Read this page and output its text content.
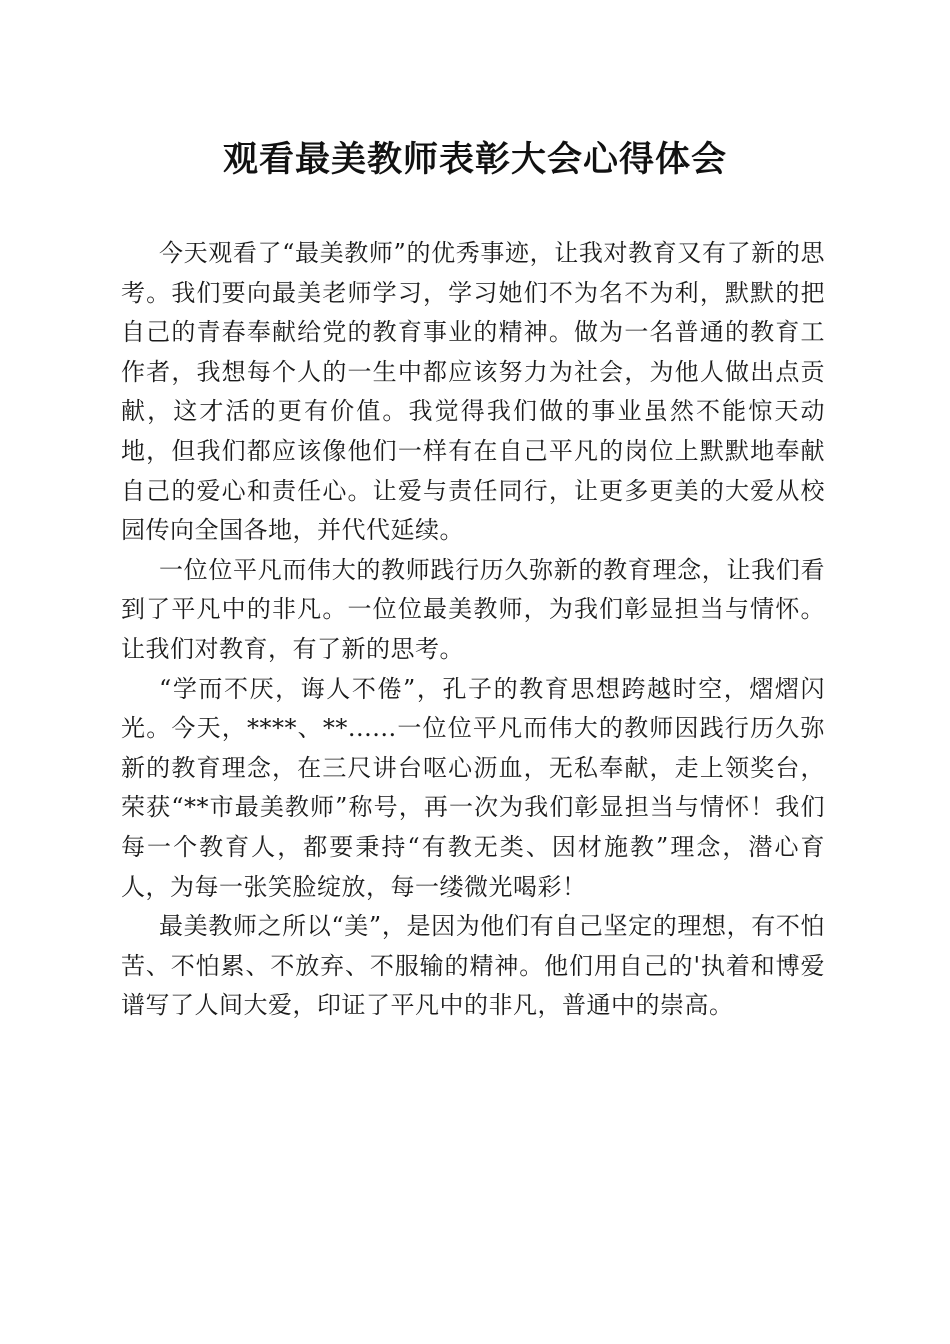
观看最美教师表彰大会心得体会

今天观看了“最美教师”的优秀事迹，让我对教育又有了新的思考。我们要向最美老师学习，学习她们不为名不为利，默默的把自己的青春奉献给党的教育事业的精神。做为一名普通的教育工作者，我想每个人的一生中都应该努力为社会，为他人做出点贡献，这才活的更有价值。我觉得我们做的事业虽然不能惊天动地，但我们都应该像他们一样有在自己平凡的岗位上默默地奉献自己的爱心和责任心。让爱与责任同行，让更多更美的大爱从校园传向全国各地，并代代延续。

一位位平凡而伟大的教师践行历久弥新的教育理念，让我们看到了平凡中的非凡。一位位最美教师，为我们彰显担当与情怀。让我们对教育，有了新的思考。

“学而不厌，诲人不倦”，孔子的教育思想跨越时空，熠熠闪光。今天，****、**......一位位平凡而伟大的教师因践行历久弥新的教育理念，在三尺讲台呕心沥血，无私奉献，走上领奖台，荣获“**市最美教师”称号，再一次为我们彰显担当与情怀！我们每一个教育人，都要秉持“有教无类、因材施教”理念，潜心育人，为每一张笑脸绽放，每一缕微光喝彩！

最美教师之所以“美”，是因为他们有自己坚定的理想，有不怕苦、不怕累、不放弃、不服输的精神。他们用自己的'执着和博爱谱写了人间大爱，印证了平凡中的非凡，普通中的崇高。
